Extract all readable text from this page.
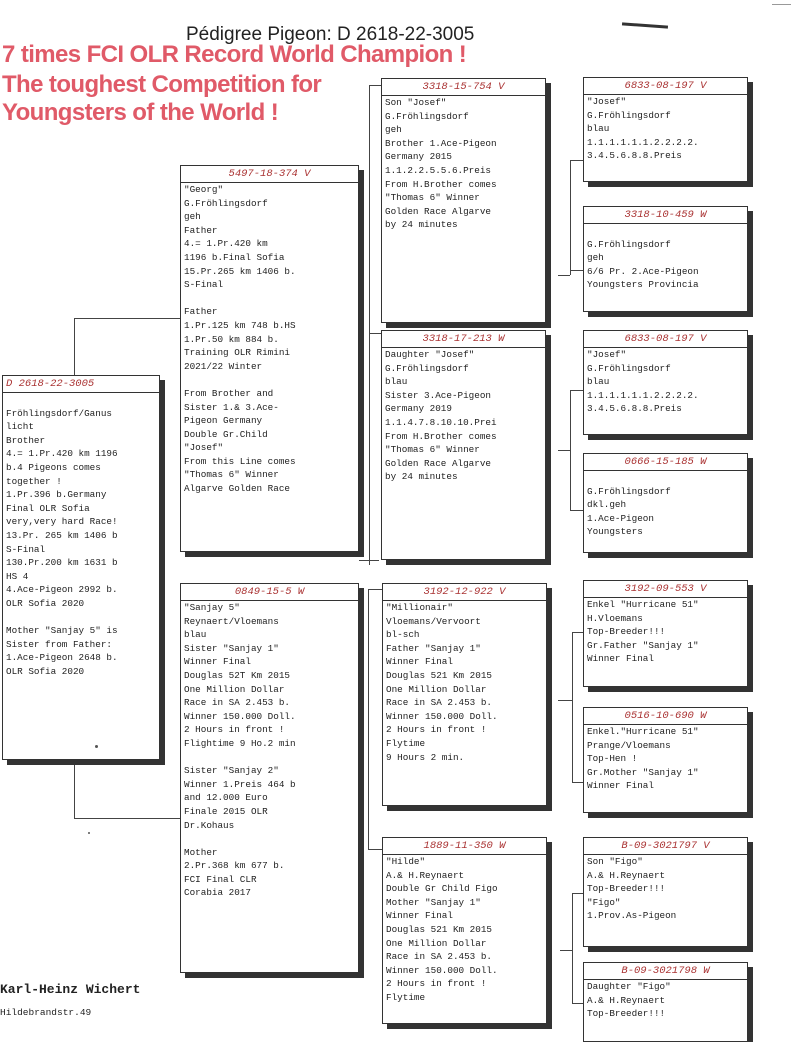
Pédigree Pigeon: D 2618-22-3005
7 times FCI OLR Record World Champion !
The toughest Competition for
Youngsters of the World !
D 2618-22-3005
Fröhlingsdorf/Ganus
licht
Brother
4.= 1.Pr.420 km 1196
b.4 Pigeons comes
together !
1.Pr.396 b.Germany
Final OLR Sofia
very,very hard Race!
13.Pr. 265 km 1406 b
S-Final
130.Pr.200 km 1631 b
HS 4
4.Ace-Pigeon 2992 b.
OLR Sofia 2020
Mother "Sanjay 5" is
Sister from Father:
1.Ace-Pigeon 2648 b.
OLR Sofia 2020
5497-18-374 V
"Georg"
G.Fröhlingsdorf
geh
Father
4.= 1.Pr.420 km
1196 b.Final Sofia
15.Pr.265 km 1406 b.
S-Final
Father
1.Pr.125 km 748 b.HS
1.Pr.50 km 884 b.
Training OLR Rimini
2021/22 Winter
From Brother and
Sister 1.& 3.Ace-
Pigeon Germany
Double Gr.Child
"Josef"
From this Line comes
"Thomas 6" Winner
Algarve Golden Race
0849-15-5 W
"Sanjay 5"
Reynaert/Vloemans
blau
Sister "Sanjay 1"
Winner Final
Douglas 52T Km 2015
One Million Dollar
Race in SA 2.453 b.
Winner 150.000 Doll.
2 Hours in front !
Flightime 9 Ho.2 min
Sister "Sanjay 2"
Winner 1.Preis 464 b
and 12.000 Euro
Finale 2015 OLR
Dr.Kohaus
Mother
2.Pr.368 km 677 b.
FCI Final CLR
Corabia 2017
3318-15-754 V
Son "Josef"
G.Fröhlingsdorf
geh
Brother 1.Ace-Pigeon
Germany 2015
1.1.2.2.5.5.6.Preis
From H.Brother comes
"Thomas 6" Winner
Golden Race Algarve
by 24 minutes
3318-17-213 W
Daughter "Josef"
G.Fröhlingsdorf
blau
Sister 3.Ace-Pigeon
Germany 2019
1.1.4.7.8.10.10.Prei
From H.Brother comes
"Thomas 6" Winner
Golden Race Algarve
by 24 minutes
3192-12-922 V
"Millionair"
Vloemans/Vervoort
bl-sch
Father "Sanjay 1"
Winner Final
Douglas 521 Km 2015
One Million Dollar
Race in SA 2.453 b.
Winner 150.000 Doll.
2 Hours in front !
Flytime
9 Hours 2 min.
1889-11-350 W
"Hilde"
A.& H.Reynaert
Double Gr Child Figo
Mother "Sanjay 1"
Winner Final
Douglas 521 Km 2015
One Million Dollar
Race in SA 2.453 b.
Winner 150.000 Doll.
2 Hours in front !
Flytime
6833-08-197 V
"Josef"
G.Fröhlingsdorf
blau
1.1.1.1.1.1.2.2.2.2.
3.4.5.6.8.8.Preis
3318-10-459 W
G.Fröhlingsdorf
geh
6/6 Pr. 2.Ace-Pigeon
Youngsters Provincia
6833-08-197 V
"Josef"
G.Fröhlingsdorf
blau
1.1.1.1.1.1.2.2.2.2.
3.4.5.6.8.8.Preis
0666-15-185 W
G.Fröhlingsdorf
dkl.geh
1.Ace-Pigeon
Youngsters
3192-09-553 V
Enkel "Hurricane 51"
H.Vloemans
Top-Breeder!!!
Gr.Father "Sanjay 1"
Winner Final
0516-10-690 W
Enkel."Hurricane 51"
Prange/Vloemans
Top-Hen !
Gr.Mother "Sanjay 1"
Winner Final
B-09-3021797 V
Son "Figo"
A.& H.Reynaert
Top-Breeder!!!
"Figo"
1.Prov.As-Pigeon
B-09-3021798 W
Daughter "Figo"
A.& H.Reynaert
Top-Breeder!!!
Karl-Heinz Wichert
Hildebrandstr.49
